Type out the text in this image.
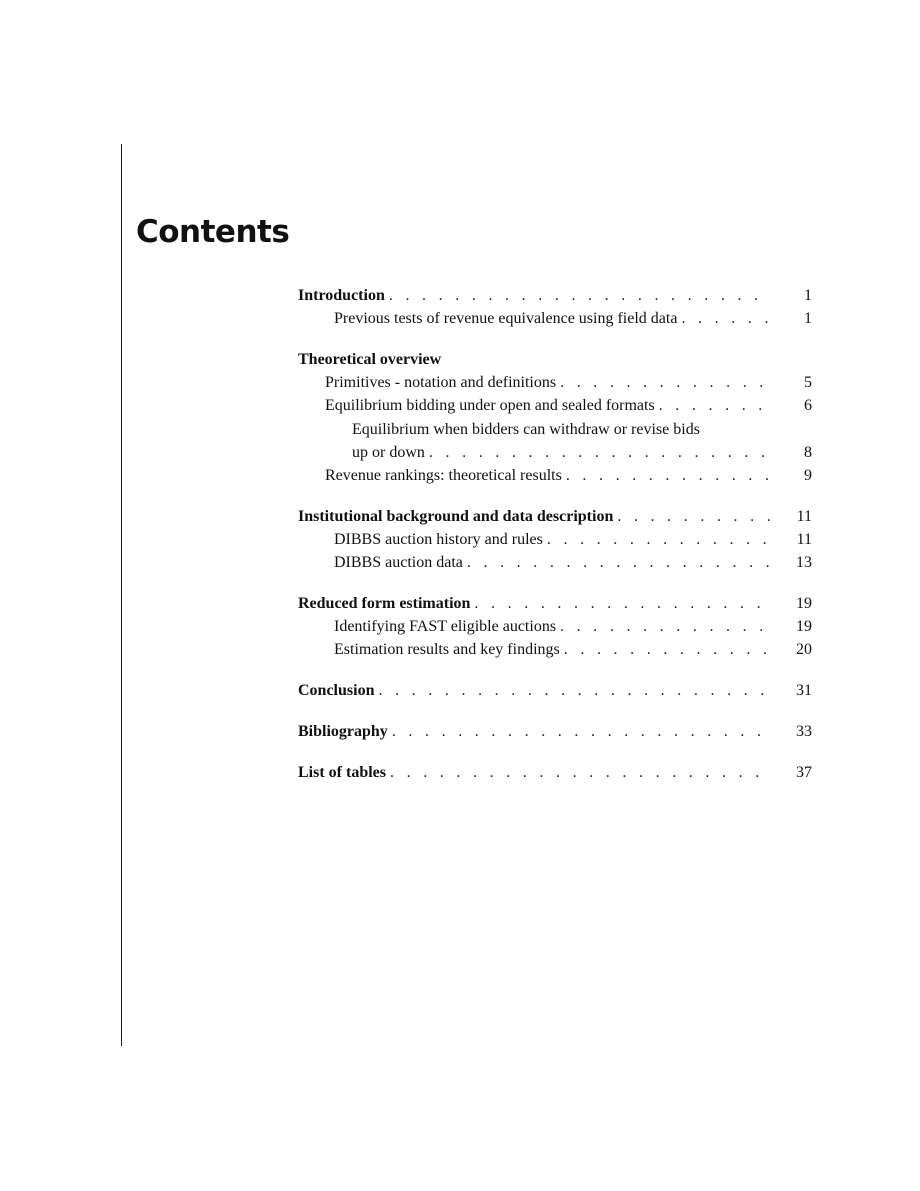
Contents
Introduction . . .	1
Previous tests of revenue equivalence using field data . . .	1
Theoretical overview
Primitives - notation and definitions . . .	5
Equilibrium bidding under open and sealed formats . . .	6
Equilibrium when bidders can withdraw or revise bids
up or down . . .	8
Revenue rankings: theoretical results . . .	9
Institutional background and data description . . .	11
DIBBS auction history and rules . . .	11
DIBBS auction data . . .	13
Reduced form estimation . . .	19
Identifying FAST eligible auctions . . .	19
Estimation results and key findings . . .	20
Conclusion . . .	31
Bibliography . . .	33
List of tables . . .	37
